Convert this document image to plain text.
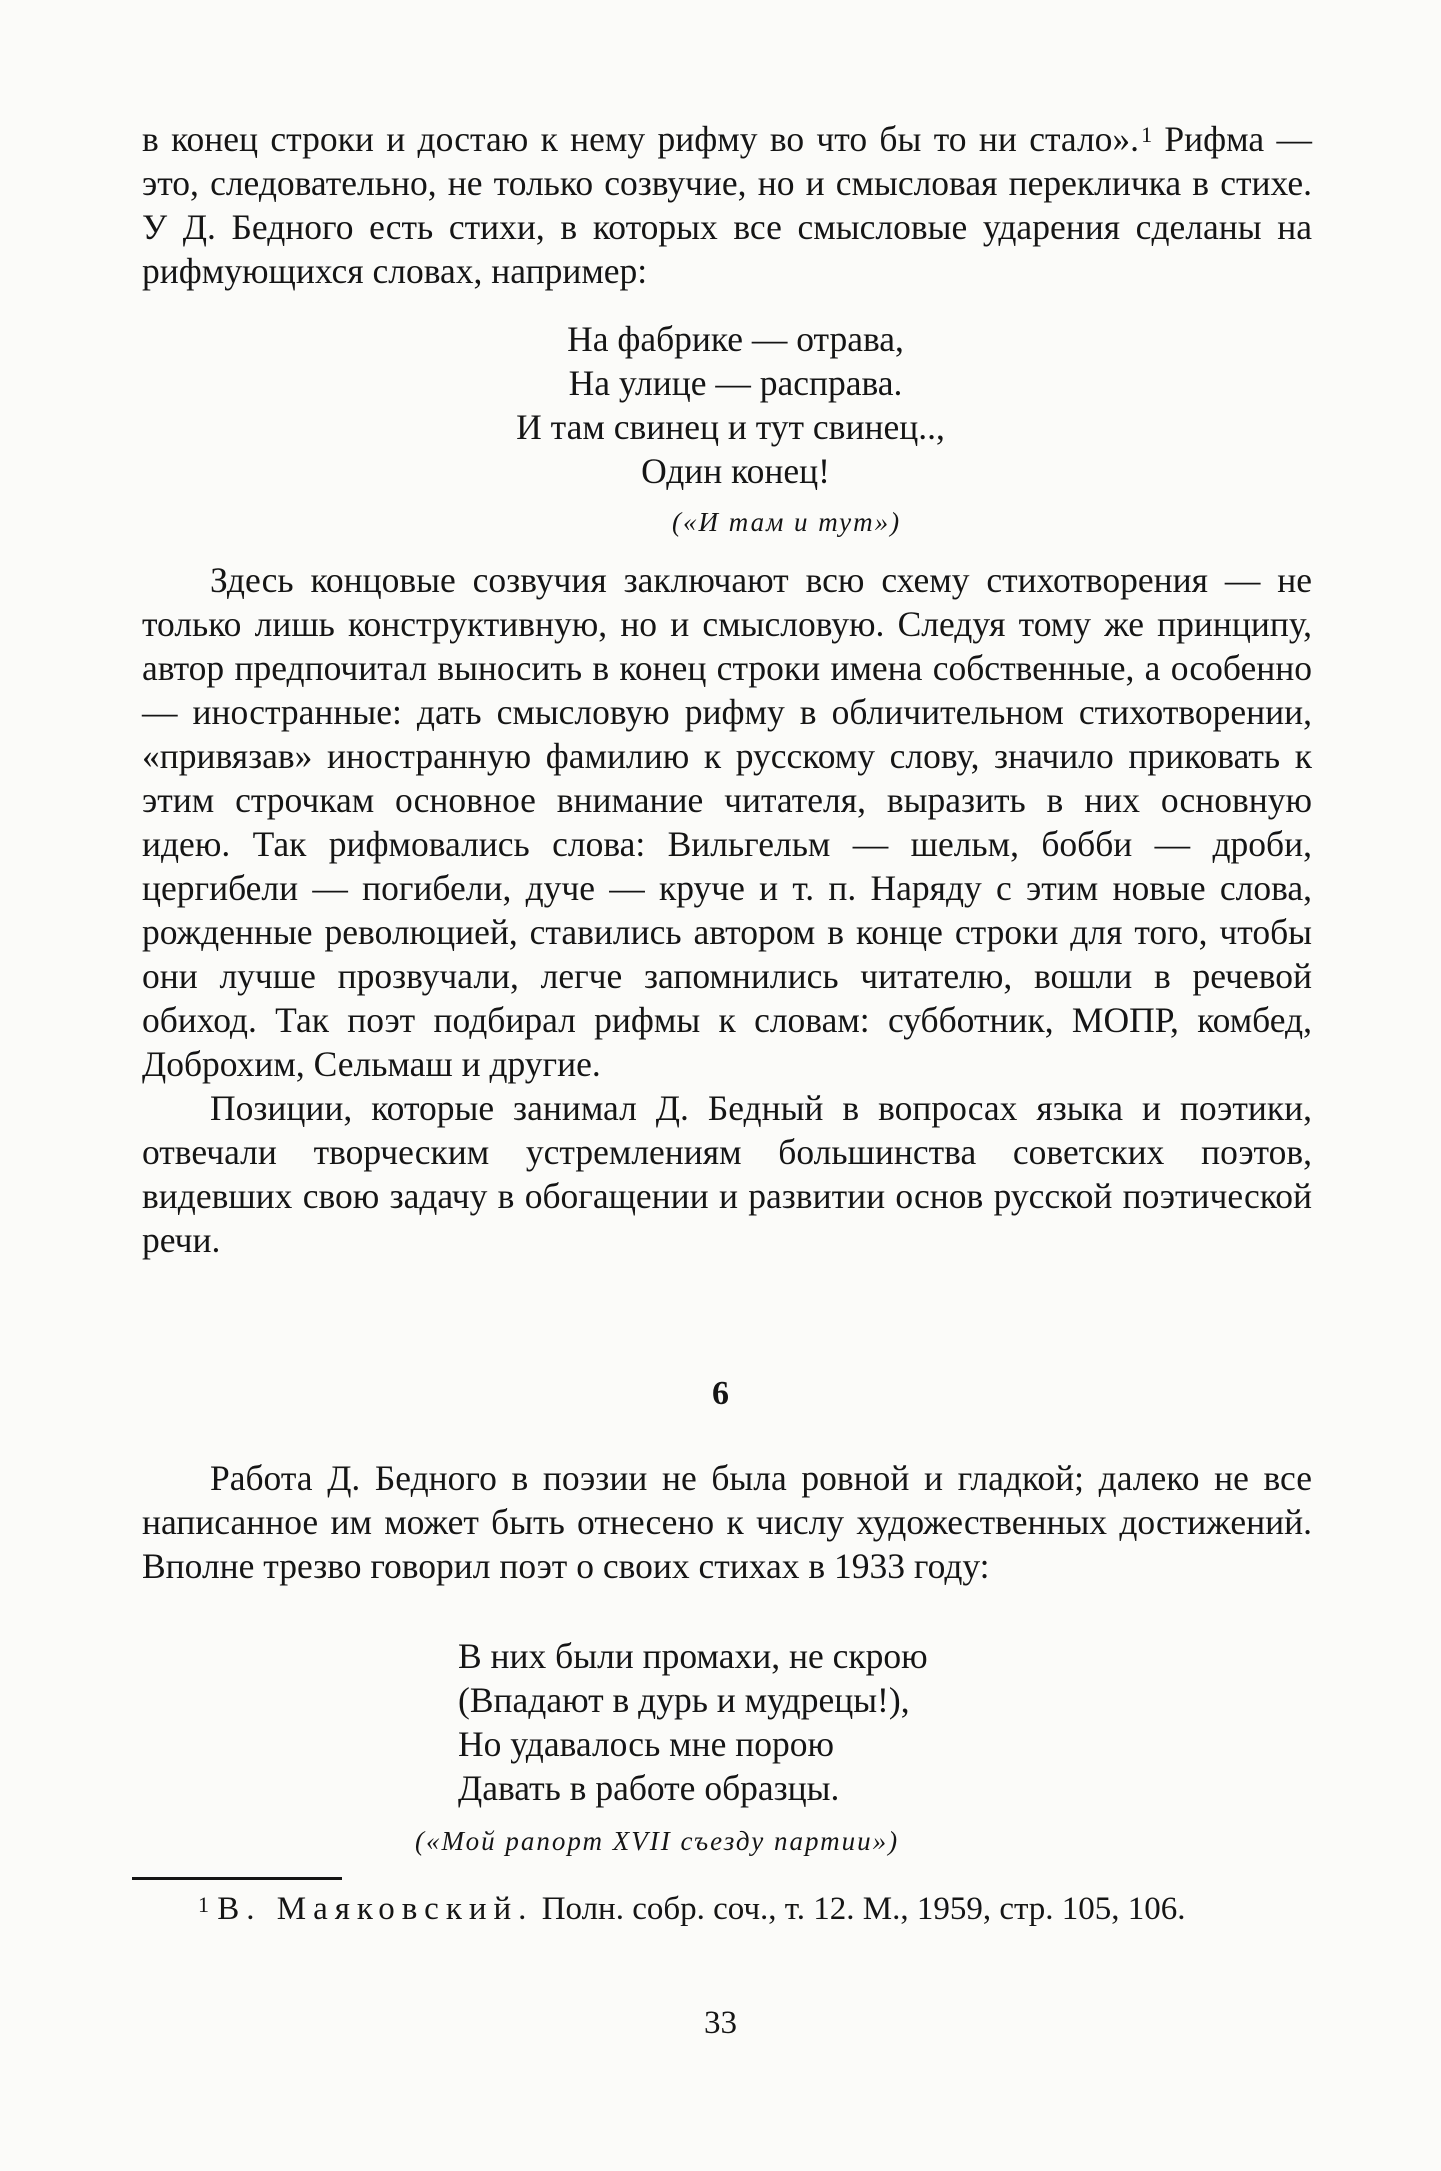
в конец строки и достаю к нему рифму во что бы то ни стало».$^1$ Рифма — это, следовательно, не только созвучие, но и смысловая перекличка в стихе. У Д. Бедного есть стихи, в которых все смысловые ударения сделаны на рифмующихся словах, например:

На фабрике — отрава,
На улице — расправа.
И там свинец и тут свинец..,
Один конец!
(«И там и тут»)

Здесь концовые созвучия заключают всю схему стихотворения — не только лишь конструктивную, но и смысловую. Следуя тому же принципу, автор предпочитал выносить в конец строки имена собственные, а особенно — иностранные: дать смысловую рифму в обличительном стихотворении, «привязав» иностранную фамилию к русскому слову, значило приковать к этим строчкам основное внимание читателя, выразить в них основную идею. Так рифмовались слова: Вильгельм — шельм, бобби — дроби, цергибели — погибели, дуче — круче и т. п. Наряду с этим новые слова, рожденные революцией, ставились автором в конце строки для того, чтобы они лучше прозвучали, легче запомнились читателю, вошли в речевой обиход. Так поэт подбирал рифмы к словам: субботник, МОПР, комбед, Доброхим, Сельмаш и другие.

Позиции, которые занимал Д. Бедный в вопросах языка и поэтики, отвечали творческим устремлениям большинства советских поэтов, видевших свою задачу в обогащении и развитии основ русской поэтической речи.

6

Работа Д. Бедного в поэзии не была ровной и гладкой; далеко не все написанное им может быть отнесено к числу художественных достижений. Вполне трезво говорил поэт о своих стихах в 1933 году:

В них были промахи, не скрою
(Впадают в дурь и мудрецы!),
Но удавалось мне порою
Давать в работе образцы.
(«Мой рапорт XVII съезду партии»)

$^1$ В. Маяковский. Полн. собр. соч., т. 12. М., 1959, стр. 105, 106.

33
